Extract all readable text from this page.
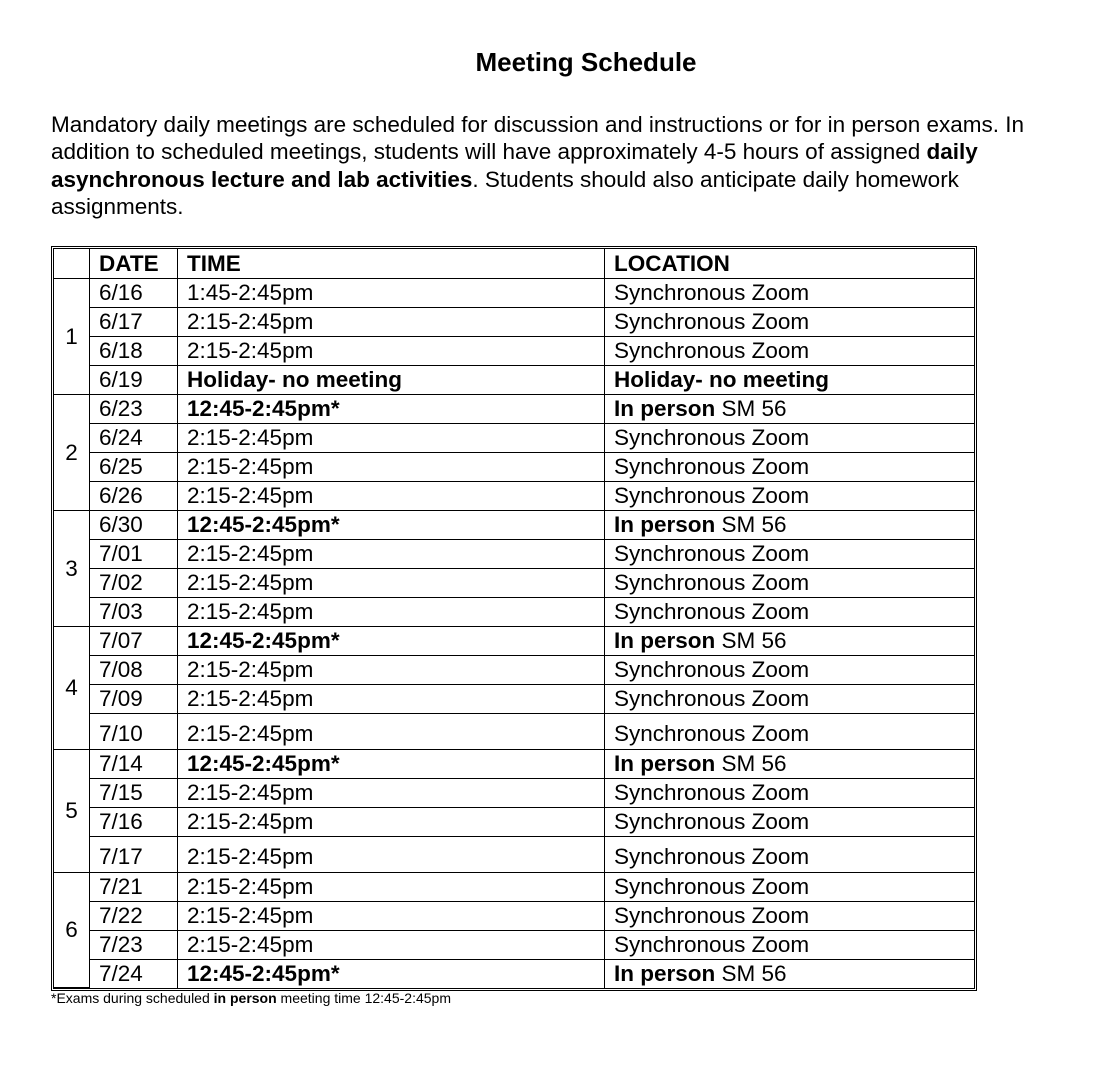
Meeting Schedule

Mandatory daily meetings are scheduled for discussion and instructions or for in person exams. In addition to scheduled meetings, students will have approximately 4-5 hours of assigned daily asynchronous lecture and lab activities. Students should also anticipate daily homework assignments.

	DATE	TIME	LOCATION
1	6/16	1:45-2:45pm	Synchronous Zoom
	6/17	2:15-2:45pm	Synchronous Zoom
	6/18	2:15-2:45pm	Synchronous Zoom
	6/19	Holiday- no meeting	Holiday- no meeting
2	6/23	12:45-2:45pm*	In person SM 56
	6/24	2:15-2:45pm	Synchronous Zoom
	6/25	2:15-2:45pm	Synchronous Zoom
	6/26	2:15-2:45pm	Synchronous Zoom
3	6/30	12:45-2:45pm*	In person SM 56
	7/01	2:15-2:45pm	Synchronous Zoom
	7/02	2:15-2:45pm	Synchronous Zoom
	7/03	2:15-2:45pm	Synchronous Zoom
4	7/07	12:45-2:45pm*	In person SM 56
	7/08	2:15-2:45pm	Synchronous Zoom
	7/09	2:15-2:45pm	Synchronous Zoom
	7/10	2:15-2:45pm	Synchronous Zoom
5	7/14	12:45-2:45pm*	In person SM 56
	7/15	2:15-2:45pm	Synchronous Zoom
	7/16	2:15-2:45pm	Synchronous Zoom
	7/17	2:15-2:45pm	Synchronous Zoom
6	7/21	2:15-2:45pm	Synchronous Zoom
	7/22	2:15-2:45pm	Synchronous Zoom
	7/23	2:15-2:45pm	Synchronous Zoom
	7/24	12:45-2:45pm*	In person SM 56

*Exams during scheduled in person meeting time 12:45-2:45pm
